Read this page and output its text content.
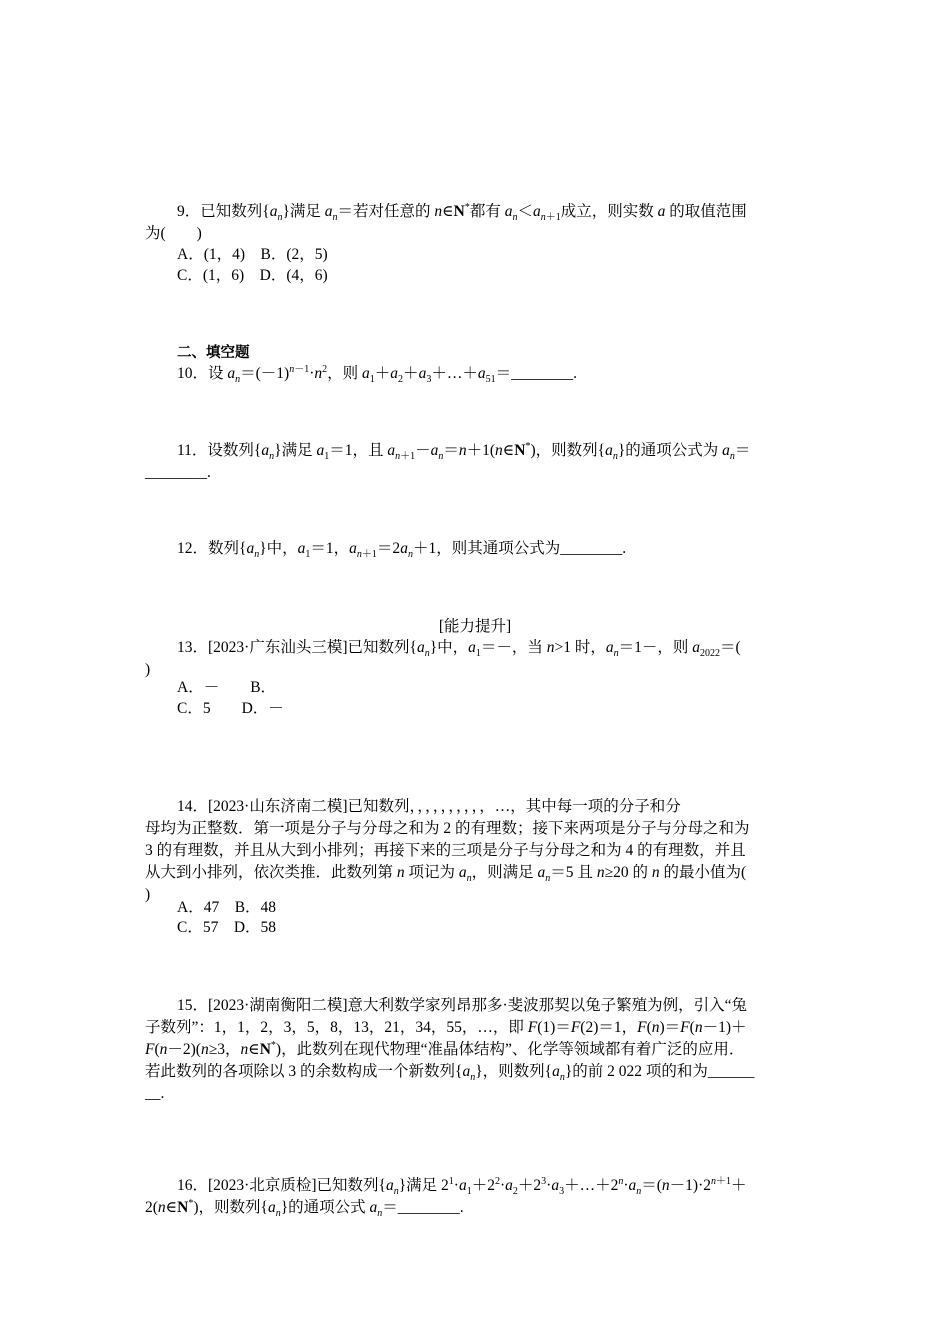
9．已知数列$\{a_n\}$满足 $a_n=$若对任意的 n∈N*都有 $a_n<a_{n+1}$成立，则实数 a 的取值范围
为(　　)
A．(1，4)　B．(2，5)
C．(1，6)　D．(4，6)
二、填空题
10．设 $a_n=(-1)^{n-1}\cdot n^2$，则 $a_1+a_2+a_3+\dots+a_{51}=\_\_\_\_\_\_\_\_$.
11．设数列$\{a_n\}$满足 $a_1=1$，且 $a_{n+1}-a_n=n+1(n\in N^*)$，则数列$\{a_n\}$的通项公式为 $a_n=$
________.
12．数列$\{a_n\}$中，$a_1=1$，$a_{n+1}=2a_n+1$，则其通项公式为________.
[能力提升]
13．[2023·广东汕头三模]已知数列$\{a_n\}$中，$a_1=-$，当 n>1 时，$a_n=1-$，则 $a_{2022}=$(
)
A．－　　B．
C．5　　D．－
14．[2023·山东济南二模]已知数列，，，，，，，，，，…，其中每一项的分子和分
母均为正整数．第一项是分子与分母之和为 2 的有理数；接下来两项是分子与分母之和为
3 的有理数，并且从大到小排列；再接下来的三项是分子与分母之和为 4 的有理数，并且
从大到小排列，依次类推．此数列第 n 项记为 $a_n$，则满足 $a_n=5$ 且 n≥20 的 n 的最小值为(
)
A．47　B．48
C．57　D．58
15．[2023·湖南衡阳二模]意大利数学家列昂那多·斐波那契以兔子繁殖为例，引入“兔
子数列”：1，1，2，3，5，8，13，21，34，55，…，即 F(1)＝F(2)＝1，F(n)＝F(n－1)＋
F(n－2)(n≥3，n∈N*)，此数列在现代物理“准晶体结构”、化学等领域都有着广泛的应用．
若此数列的各项除以 3 的余数构成一个新数列$\{a_n\}$，则数列$\{a_n\}$的前 2 022 项的和为______
__.
16．[2023·北京质检]已知数列$\{a_n\}$满足 $2^1\cdot a_1+2^2\cdot a_2+2^3\cdot a_3+\dots+2^n\cdot a_n=(n-1)\cdot 2^{n+1}+$
2(n∈N*)，则数列$\{a_n\}$的通项公式 $a_n=\_\_\_\_\_\_\_\_$.
